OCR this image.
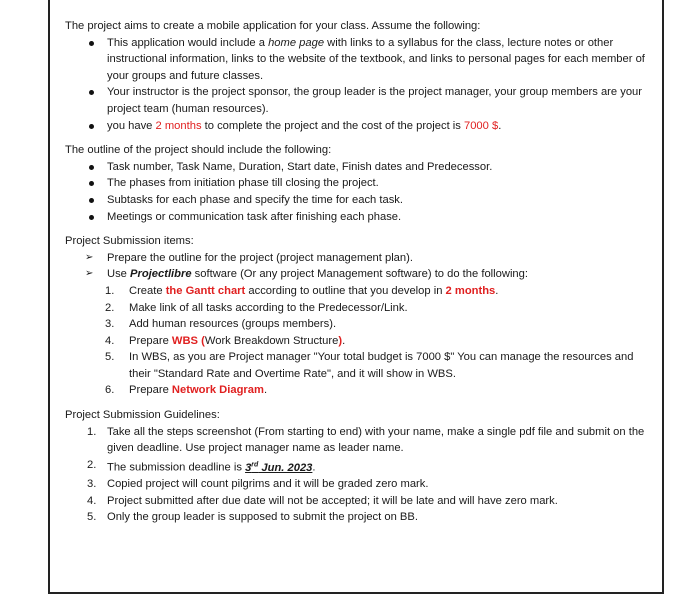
The project aims to create a mobile application for your class. Assume the following:

This application would include a home page with links to a syllabus for the class, lecture notes or other instructional information, links to the website of the textbook, and links to personal pages for each member of your groups and future classes.
Your instructor is the project sponsor, the group leader is the project manager, your group members are your project team (human resources).
you have 2 months to complete the project and the cost of the project is 7000 $.

The outline of the project should include the following:

Task number, Task Name, Duration, Start date, Finish dates and Predecessor.
The phases from initiation phase till closing the project.
Subtasks for each phase and specify the time for each task.
Meetings or communication task after finishing each phase.

Project Submission items:

➢ Prepare the outline for the project (project management plan).
➢ Use Projectlibre software (Or any project Management software) to do the following:
1. Create the Gantt chart according to outline that you develop in 2 months.
2. Make link of all tasks according to the Predecessor/Link.
3. Add human resources (groups members).
4. Prepare WBS (Work Breakdown Structure).
5. In WBS, as you are Project manager "Your total budget is 7000 $" You can manage the resources and their "Standard Rate and Overtime Rate", and it will show in WBS.
6. Prepare Network Diagram.

Project Submission Guidelines:

1. Take all the steps screenshot (From starting to end) with your name, make a single pdf file and submit on the given deadline. Use project manager name as leader name.
2. The submission deadline is 3rd Jun. 2023.
3. Copied project will count pilgrims and it will be graded zero mark.
4. Project submitted after due date will not be accepted; it will be late and will have zero mark.
5. Only the group leader is supposed to submit the project on BB.
